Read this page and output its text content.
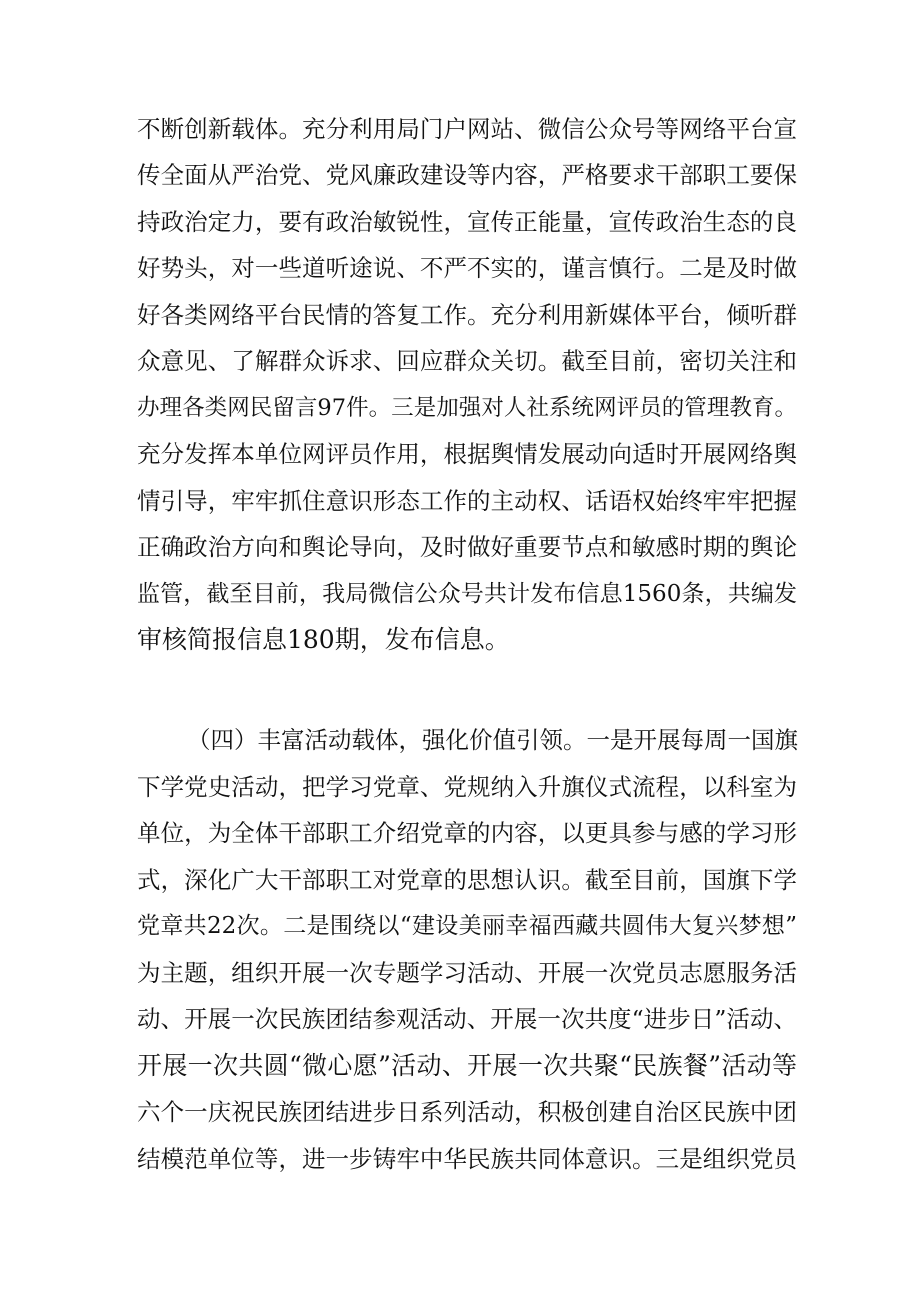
不断创新载体。充分利用局门户网站、微信公众号等网络平台宣
传全面从严治党、党风廉政建设等内容，严格要求干部职工要保
持政治定力，要有政治敏锐性，宣传正能量，宣传政治生态的良
好势头，对一些道听途说、不严不实的，谨言慎行。二是及时做
好各类网络平台民情的答复工作。充分利用新媒体平台，倾听群
众意见、了解群众诉求、回应群众关切。截至目前，密切关注和
办理各类网民留言97件。三是加强对人社系统网评员的管理教育。
充分发挥本单位网评员作用，根据舆情发展动向适时开展网络舆
情引导，牢牢抓住意识形态工作的主动权、话语权始终牢牢把握
正确政治方向和舆论导向，及时做好重要节点和敏感时期的舆论
监管，截至目前，我局微信公众号共计发布信息1560条，共编发
审核简报信息180期，发布信息。
（四）丰富活动载体，强化价值引领。一是开展每周一国旗
下学党史活动，把学习党章、党规纳入升旗仪式流程，以科室为
单位，为全体干部职工介绍党章的内容，以更具参与感的学习形
式，深化广大干部职工对党章的思想认识。截至目前，国旗下学
党章共22次。二是围绕以“建设美丽幸福西藏共圆伟大复兴梦想”
为主题，组织开展一次专题学习活动、开展一次党员志愿服务活
动、开展一次民族团结参观活动、开展一次共度“进步日”活动、
开展一次共圆“微心愿”活动、开展一次共聚“民族餐”活动等
六个一庆祝民族团结进步日系列活动，积极创建自治区民族中团
结模范单位等，进一步铸牢中华民族共同体意识。三是组织党员
